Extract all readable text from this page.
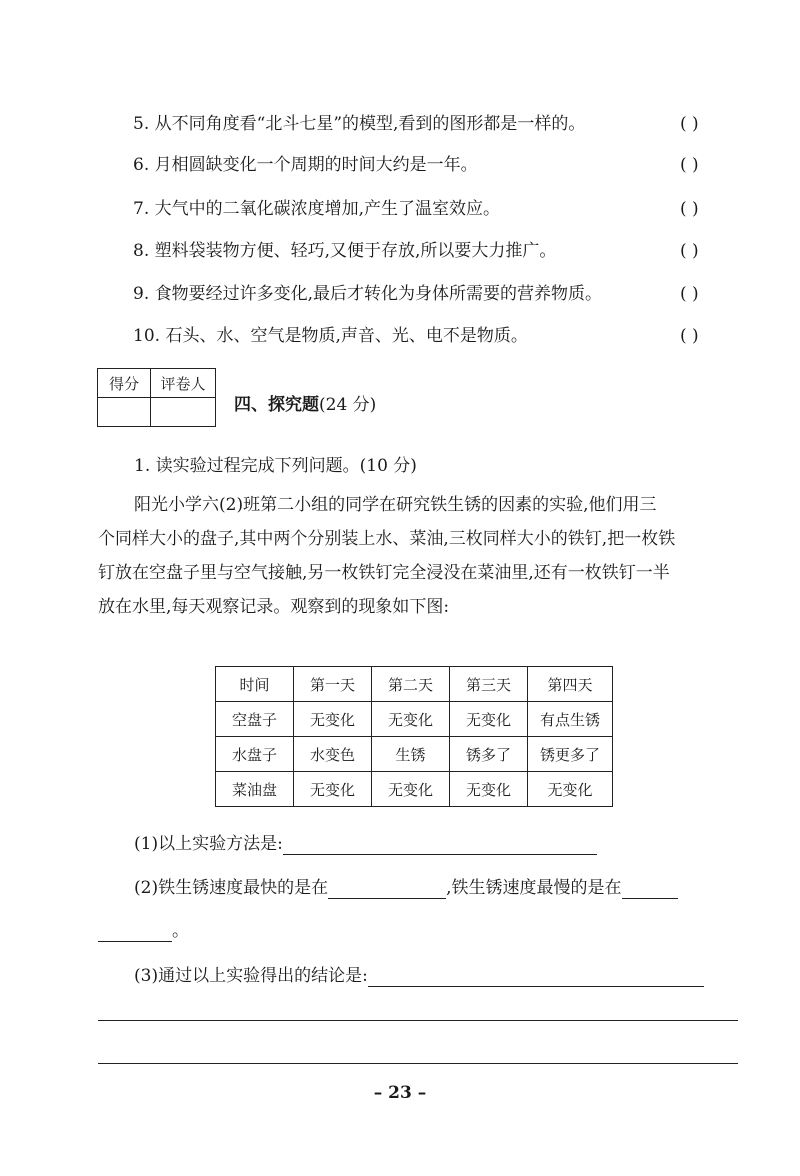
5. 从不同角度看“北斗七星”的模型,看到的图形都是一样的。	( )
6. 月相圆缺变化一个周期的时间大约是一年。	( )
7. 大气中的二氧化碳浓度增加,产生了温室效应。	( )
8. 塑料袋装物方便、轻巧,又便于存放,所以要大力推广。	( )
9. 食物要经过许多变化,最后才转化为身体所需要的营养物质。	( )
10. 石头、水、空气是物质,声音、光、电不是物质。	( )
得分	评卷人

四、探究题(24 分)
1. 读实验过程完成下列问题。(10 分)
阳光小学六(2)班第二小组的同学在研究铁生锈的因素的实验,他们用三
个同样大小的盘子,其中两个分别装上水、菜油,三枚同样大小的铁钉,把一枚铁
钉放在空盘子里与空气接触,另一枚铁钉完全浸没在菜油里,还有一枚铁钉一半
放在水里,每天观察记录。观察到的现象如下图:
时间	第一天	第二天	第三天	第四天
空盘子	无变化	无变化	无变化	有点生锈
水盘子	水变色	生锈	锈多了	锈更多了
菜油盘	无变化	无变化	无变化	无变化
(1)以上实验方法是:
(2)铁生锈速度最快的是在	,铁生锈速度最慢的是在
。
(3)通过以上实验得出的结论是:
– 23 –
